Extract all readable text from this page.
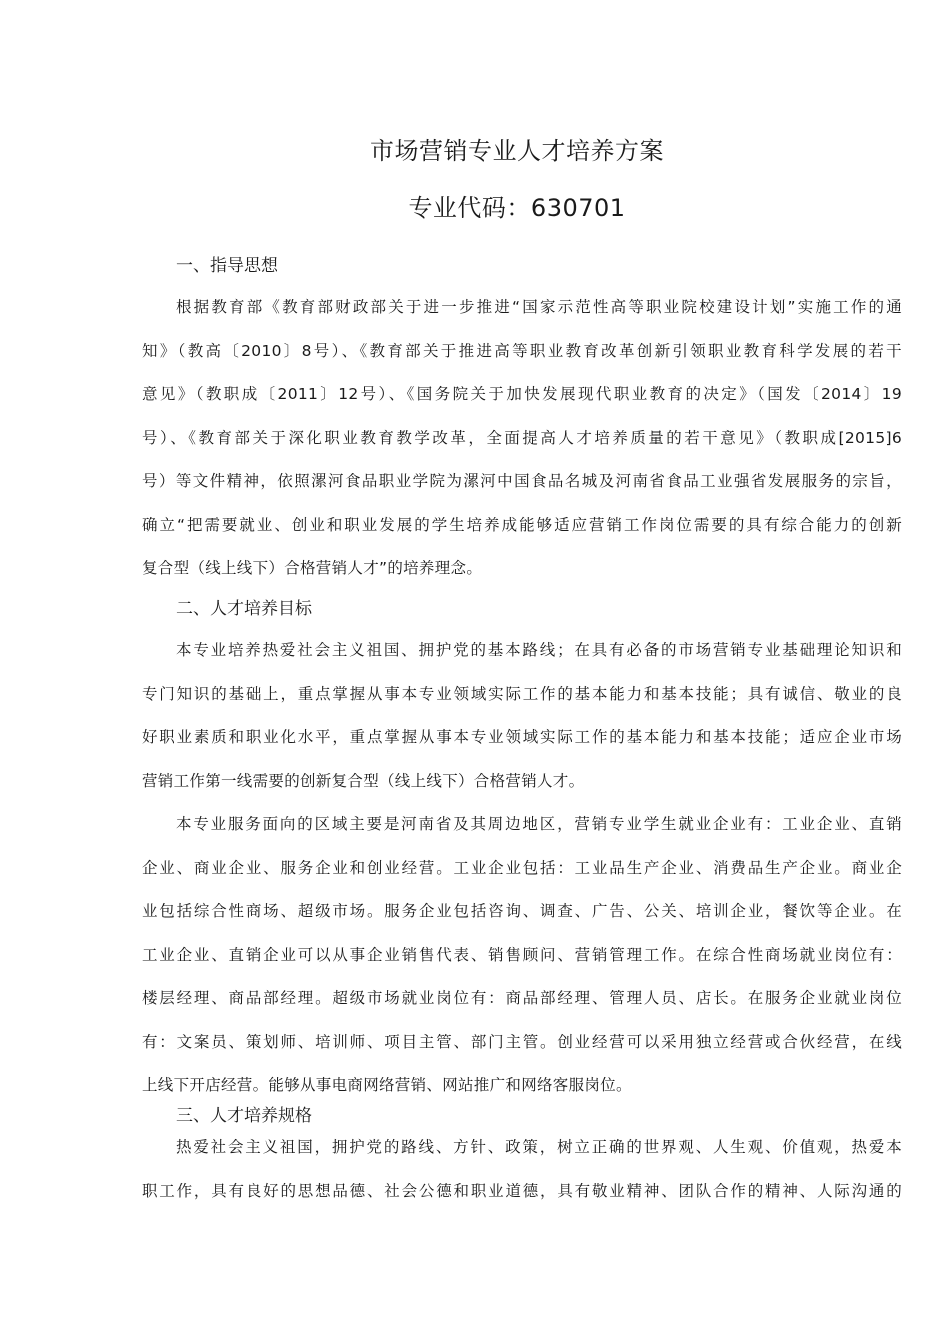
市场营销专业人才培养方案
专业代码：630701
一、指导思想
根据教育部《教育部财政部关于进一步推进“国家示范性高等职业院校建设计划”实施工作的通
知》（教高〔2010〕8号）、《教育部关于推进高等职业教育改革创新引领职业教育科学发展的若干
意见》（教职成〔2011〕12号）、《国务院关于加快发展现代职业教育的决定》（国发〔2014〕19
号）、《教育部关于深化职业教育教学改革，全面提高人才培养质量的若干意见》（教职成[2015]6
号）等文件精神，依照漯河食品职业学院为漯河中国食品名城及河南省食品工业强省发展服务的宗旨，
确立“把需要就业、创业和职业发展的学生培养成能够适应营销工作岗位需要的具有综合能力的创新
复合型（线上线下）合格营销人才”的培养理念。
二、人才培养目标
本专业培养热爱社会主义祖国、拥护党的基本路线；在具有必备的市场营销专业基础理论知识和
专门知识的基础上，重点掌握从事本专业领域实际工作的基本能力和基本技能；具有诚信、敬业的良
好职业素质和职业化水平，重点掌握从事本专业领域实际工作的基本能力和基本技能；适应企业市场
营销工作第一线需要的创新复合型（线上线下）合格营销人才。
本专业服务面向的区域主要是河南省及其周边地区，营销专业学生就业企业有：工业企业、直销
企业、商业企业、服务企业和创业经营。工业企业包括：工业品生产企业、消费品生产企业。商业企
业包括综合性商场、超级市场。服务企业包括咨询、调查、广告、公关、培训企业，餐饮等企业。在
工业企业、直销企业可以从事企业销售代表、销售顾问、营销管理工作。在综合性商场就业岗位有：
楼层经理、商品部经理。超级市场就业岗位有：商品部经理、管理人员、店长。在服务企业就业岗位
有：文案员、策划师、培训师、项目主管、部门主管。创业经营可以采用独立经营或合伙经营，在线
上线下开店经营。能够从事电商网络营销、网站推广和网络客服岗位。
三、人才培养规格
热爱社会主义祖国，拥护党的路线、方针、政策，树立正确的世界观、人生观、价值观，热爱本
职工作，具有良好的思想品德、社会公德和职业道德，具有敬业精神、团队合作的精神、人际沟通的
